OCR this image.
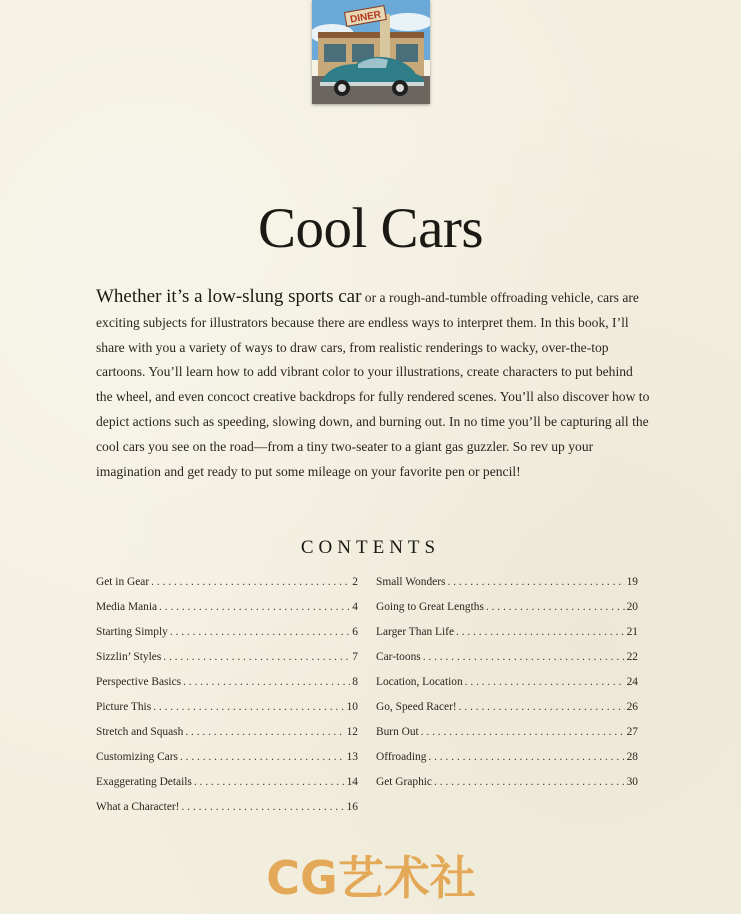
DINER
Cool Cars

Whether it’s a low-slung sports car or a rough-and-tumble offroading vehicle, cars are exciting subjects for illustrators because there are endless ways to interpret them. In this book, I’ll share with you a variety of ways to draw cars, from realistic renderings to wacky, over-the-top cartoons. You’ll learn how to add vibrant color to your illustrations, create characters to put behind the wheel, and even concoct creative backdrops for fully rendered scenes. You’ll also discover how to depict actions such as speeding, slowing down, and burning out. In no time you’ll be capturing all the cool cars you see on the road—from a tiny two-seater to a giant gas guzzler. So rev up your imagination and get ready to put some mileage on your favorite pen or pencil!

CONTENTS
Get in Gear . . .	2
Media Mania . . .	4
Starting Simply . . .	6
Sizzlin’ Styles . . .	7
Perspective Basics . . .	8
Picture This . . .	10
Stretch and Squash . . .	12
Customizing Cars . . .	13
Exaggerating Details . . .	14
What a Character! . . .	16
Small Wonders . . .	19
Going to Great Lengths . . .	20
Larger Than Life . . .	21
Car-toons . . .	22
Location, Location . . .	24
Go, Speed Racer! . . .	26
Burn Out . . .	27
Offroading . . .	28
Get Graphic . . .	30
CG艺术社
